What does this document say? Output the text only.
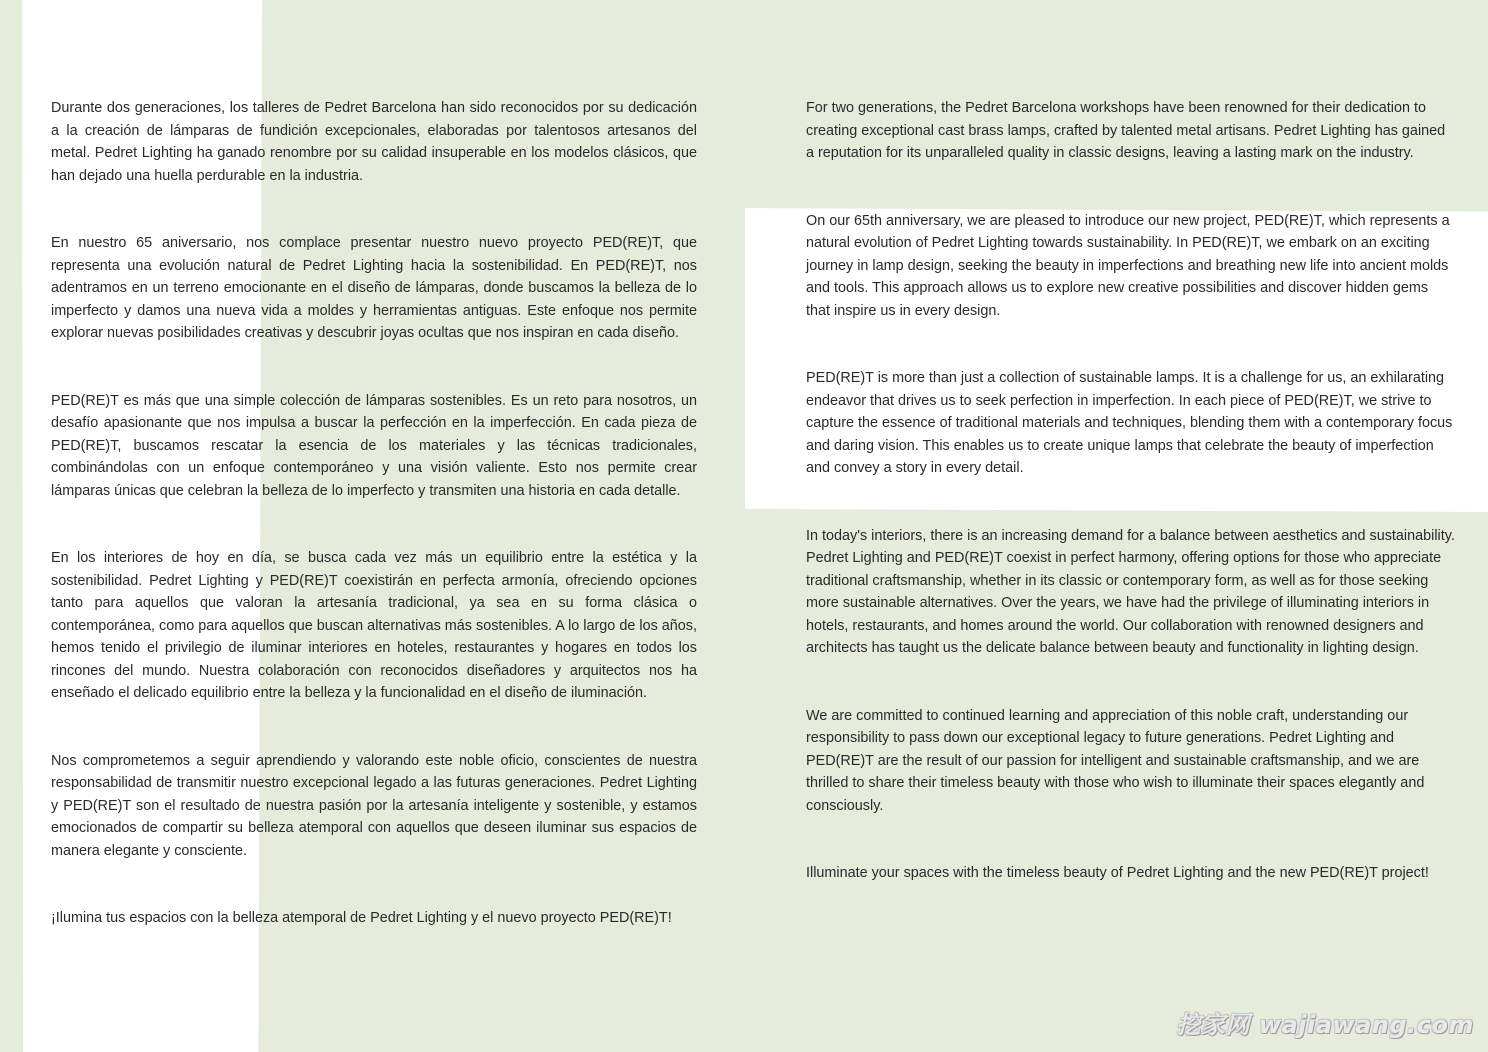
Durante dos generaciones, los talleres de Pedret Barcelona han sido reconocidos por su dedicación a la creación de lámparas de fundición excepcionales, elaboradas por talentosos artesanos del metal. Pedret Lighting ha ganado renombre por su calidad insuperable en los modelos clásicos, que han dejado una huella perdurable en la industria.

En nuestro 65 aniversario, nos complace presentar nuestro nuevo proyecto PED(RE)T, que representa una evolución natural de Pedret Lighting hacia la sostenibilidad. En PED(RE)T, nos adentramos en un terreno emocionante en el diseño de lámparas, donde buscamos la belleza de lo imperfecto y damos una nueva vida a moldes y herramientas antiguas. Este enfoque nos permite explorar nuevas posibilidades creativas y descubrir joyas ocultas que nos inspiran en cada diseño.

PED(RE)T es más que una simple colección de lámparas sostenibles. Es un reto para nosotros, un desafío apasionante que nos impulsa a buscar la perfección en la imperfección. En cada pieza de PED(RE)T, buscamos rescatar la esencia de los materiales y las técnicas tradicionales, combinándolas con un enfoque contemporáneo y una visión valiente. Esto nos permite crear lámparas únicas que celebran la belleza de lo imperfecto y transmiten una historia en cada detalle.

En los interiores de hoy en día, se busca cada vez más un equilibrio entre la estética y la sostenibilidad. Pedret Lighting y PED(RE)T coexistirán en perfecta armonía, ofreciendo opciones tanto para aquellos que valoran la artesanía tradicional, ya sea en su forma clásica o contemporánea, como para aquellos que buscan alternativas más sostenibles. A lo largo de los años, hemos tenido el privilegio de iluminar interiores en hoteles, restaurantes y hogares en todos los rincones del mundo. Nuestra colaboración con reconocidos diseñadores y arquitectos nos ha enseñado el delicado equilibrio entre la belleza y la funcionalidad en el diseño de iluminación.

Nos comprometemos a seguir aprendiendo y valorando este noble oficio, conscientes de nuestra responsabilidad de transmitir nuestro excepcional legado a las futuras generaciones. Pedret Lighting y PED(RE)T son el resultado de nuestra pasión por la artesanía inteligente y sostenible, y estamos emocionados de compartir su belleza atemporal con aquellos que deseen iluminar sus espacios de manera elegante y consciente.

¡Ilumina tus espacios con la belleza atemporal de Pedret Lighting y el nuevo proyecto PED(RE)T!

For two generations, the Pedret Barcelona workshops have been renowned for their dedication to creating exceptional cast brass lamps, crafted by talented metal artisans. Pedret Lighting has gained a reputation for its unparalleled quality in classic designs, leaving a lasting mark on the industry.

On our 65th anniversary, we are pleased to introduce our new project, PED(RE)T, which represents a natural evolution of Pedret Lighting towards sustainability. In PED(RE)T, we embark on an exciting journey in lamp design, seeking the beauty in imperfections and breathing new life into ancient molds and tools. This approach allows us to explore new creative possibilities and discover hidden gems that inspire us in every design.

PED(RE)T is more than just a collection of sustainable lamps. It is a challenge for us, an exhilarating endeavor that drives us to seek perfection in imperfection. In each piece of PED(RE)T, we strive to capture the essence of traditional materials and techniques, blending them with a contemporary focus and daring vision. This enables us to create unique lamps that celebrate the beauty of imperfection and convey a story in every detail.

In today's interiors, there is an increasing demand for a balance between aesthetics and sustainability. Pedret Lighting and PED(RE)T coexist in perfect harmony, offering options for those who appreciate traditional craftsmanship, whether in its classic or contemporary form, as well as for those seeking more sustainable alternatives. Over the years, we have had the privilege of illuminating interiors in hotels, restaurants, and homes around the world. Our collaboration with renowned designers and architects has taught us the delicate balance between beauty and functionality in lighting design.

We are committed to continued learning and appreciation of this noble craft, understanding our responsibility to pass down our exceptional legacy to future generations. Pedret Lighting and PED(RE)T are the result of our passion for intelligent and sustainable craftsmanship, and we are thrilled to share their timeless beauty with those who wish to illuminate their spaces elegantly and consciously.

Illuminate your spaces with the timeless beauty of Pedret Lighting and the new PED(RE)T project!

挖家网 wajiawang.com
